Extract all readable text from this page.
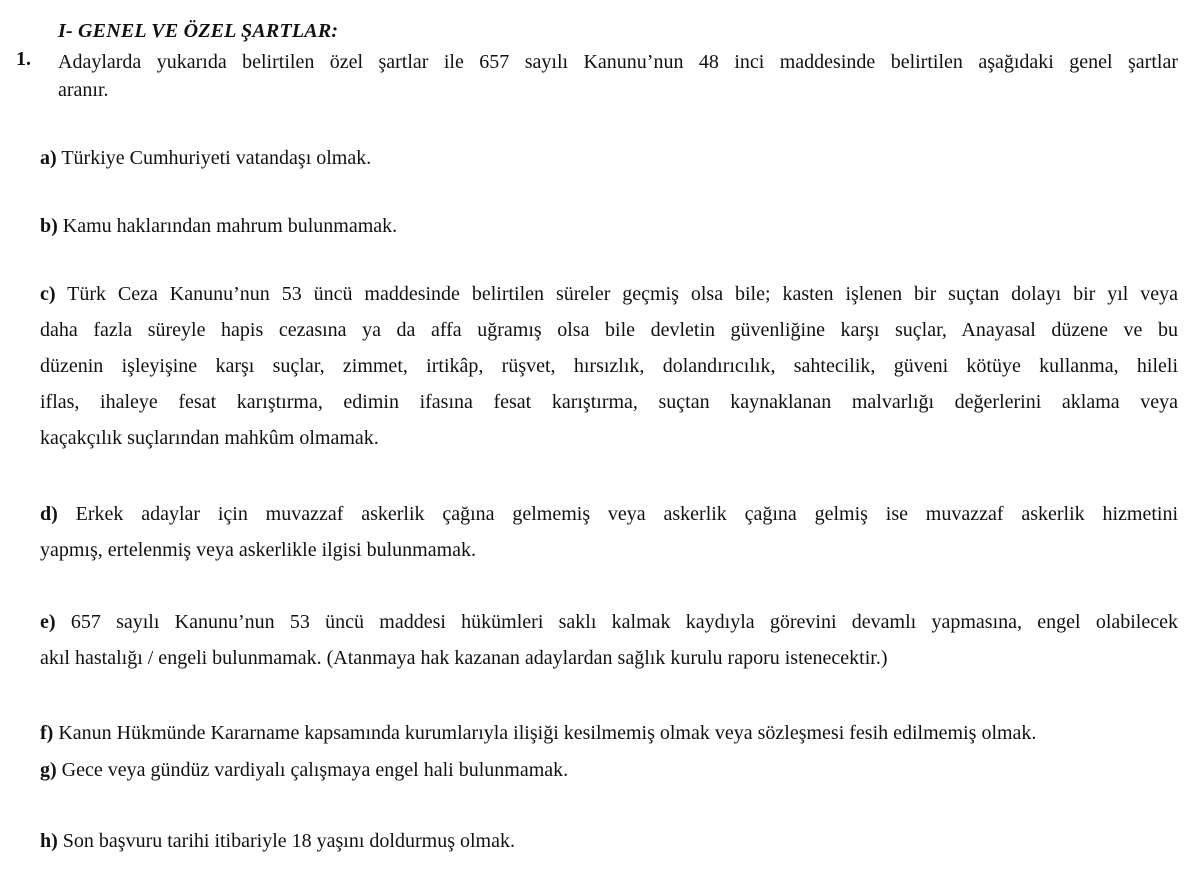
I- GENEL VE ÖZEL ŞARTLAR:
1. Adaylarda yukarıda belirtilen özel şartlar ile 657 sayılı Kanunu’nun 48 inci maddesinde belirtilen aşağıdaki genel şartlar
aranır.
a) Türkiye Cumhuriyeti vatandaşı olmak.
b) Kamu haklarından mahrum bulunmamak.
c) Türk Ceza Kanunu’nun 53 üncü maddesinde belirtilen süreler geçmiş olsa bile; kasten işlenen bir suçtan dolayı bir yıl veya
daha fazla süreyle hapis cezasına ya da affa uğramış olsa bile devletin güvenliğine karşı suçlar, Anayasal düzene ve bu
düzenin işleyişine karşı suçlar, zimmet, irtikâp, rüşvet, hırsızlık, dolandırıcılık, sahtecilik, güveni kötüye kullanma, hileli
iflas, ihaleye fesat karıştırma, edimin ifasına fesat karıştırma, suçtan kaynaklanan malvarlığı değerlerini aklama veya
kaçakçılık suçlarından mahkûm olmamak.
d) Erkek adaylar için muvazzaf askerlik çağına gelmemiş veya askerlik çağına gelmiş ise muvazzaf askerlik hizmetini
yapmış, ertelenmiş veya askerlikle ilgisi bulunmamak.
e) 657 sayılı Kanunu’nun 53 üncü maddesi hükümleri saklı kalmak kaydıyla görevini devamlı yapmasına, engel olabilecek
akıl hastalığı / engeli bulunmamak. (Atanmaya hak kazanan adaylardan sağlık kurulu raporu istenecektir.)
f) Kanun Hükmünde Kararname kapsamında kurumlarıyla ilişiği kesilmemiş olmak veya sözleşmesi fesih edilmemiş olmak.
g) Gece veya gündüz vardiyalı çalışmaya engel hali bulunmamak.
h) Son başvuru tarihi itibariyle 18 yaşını doldurmuş olmak.
